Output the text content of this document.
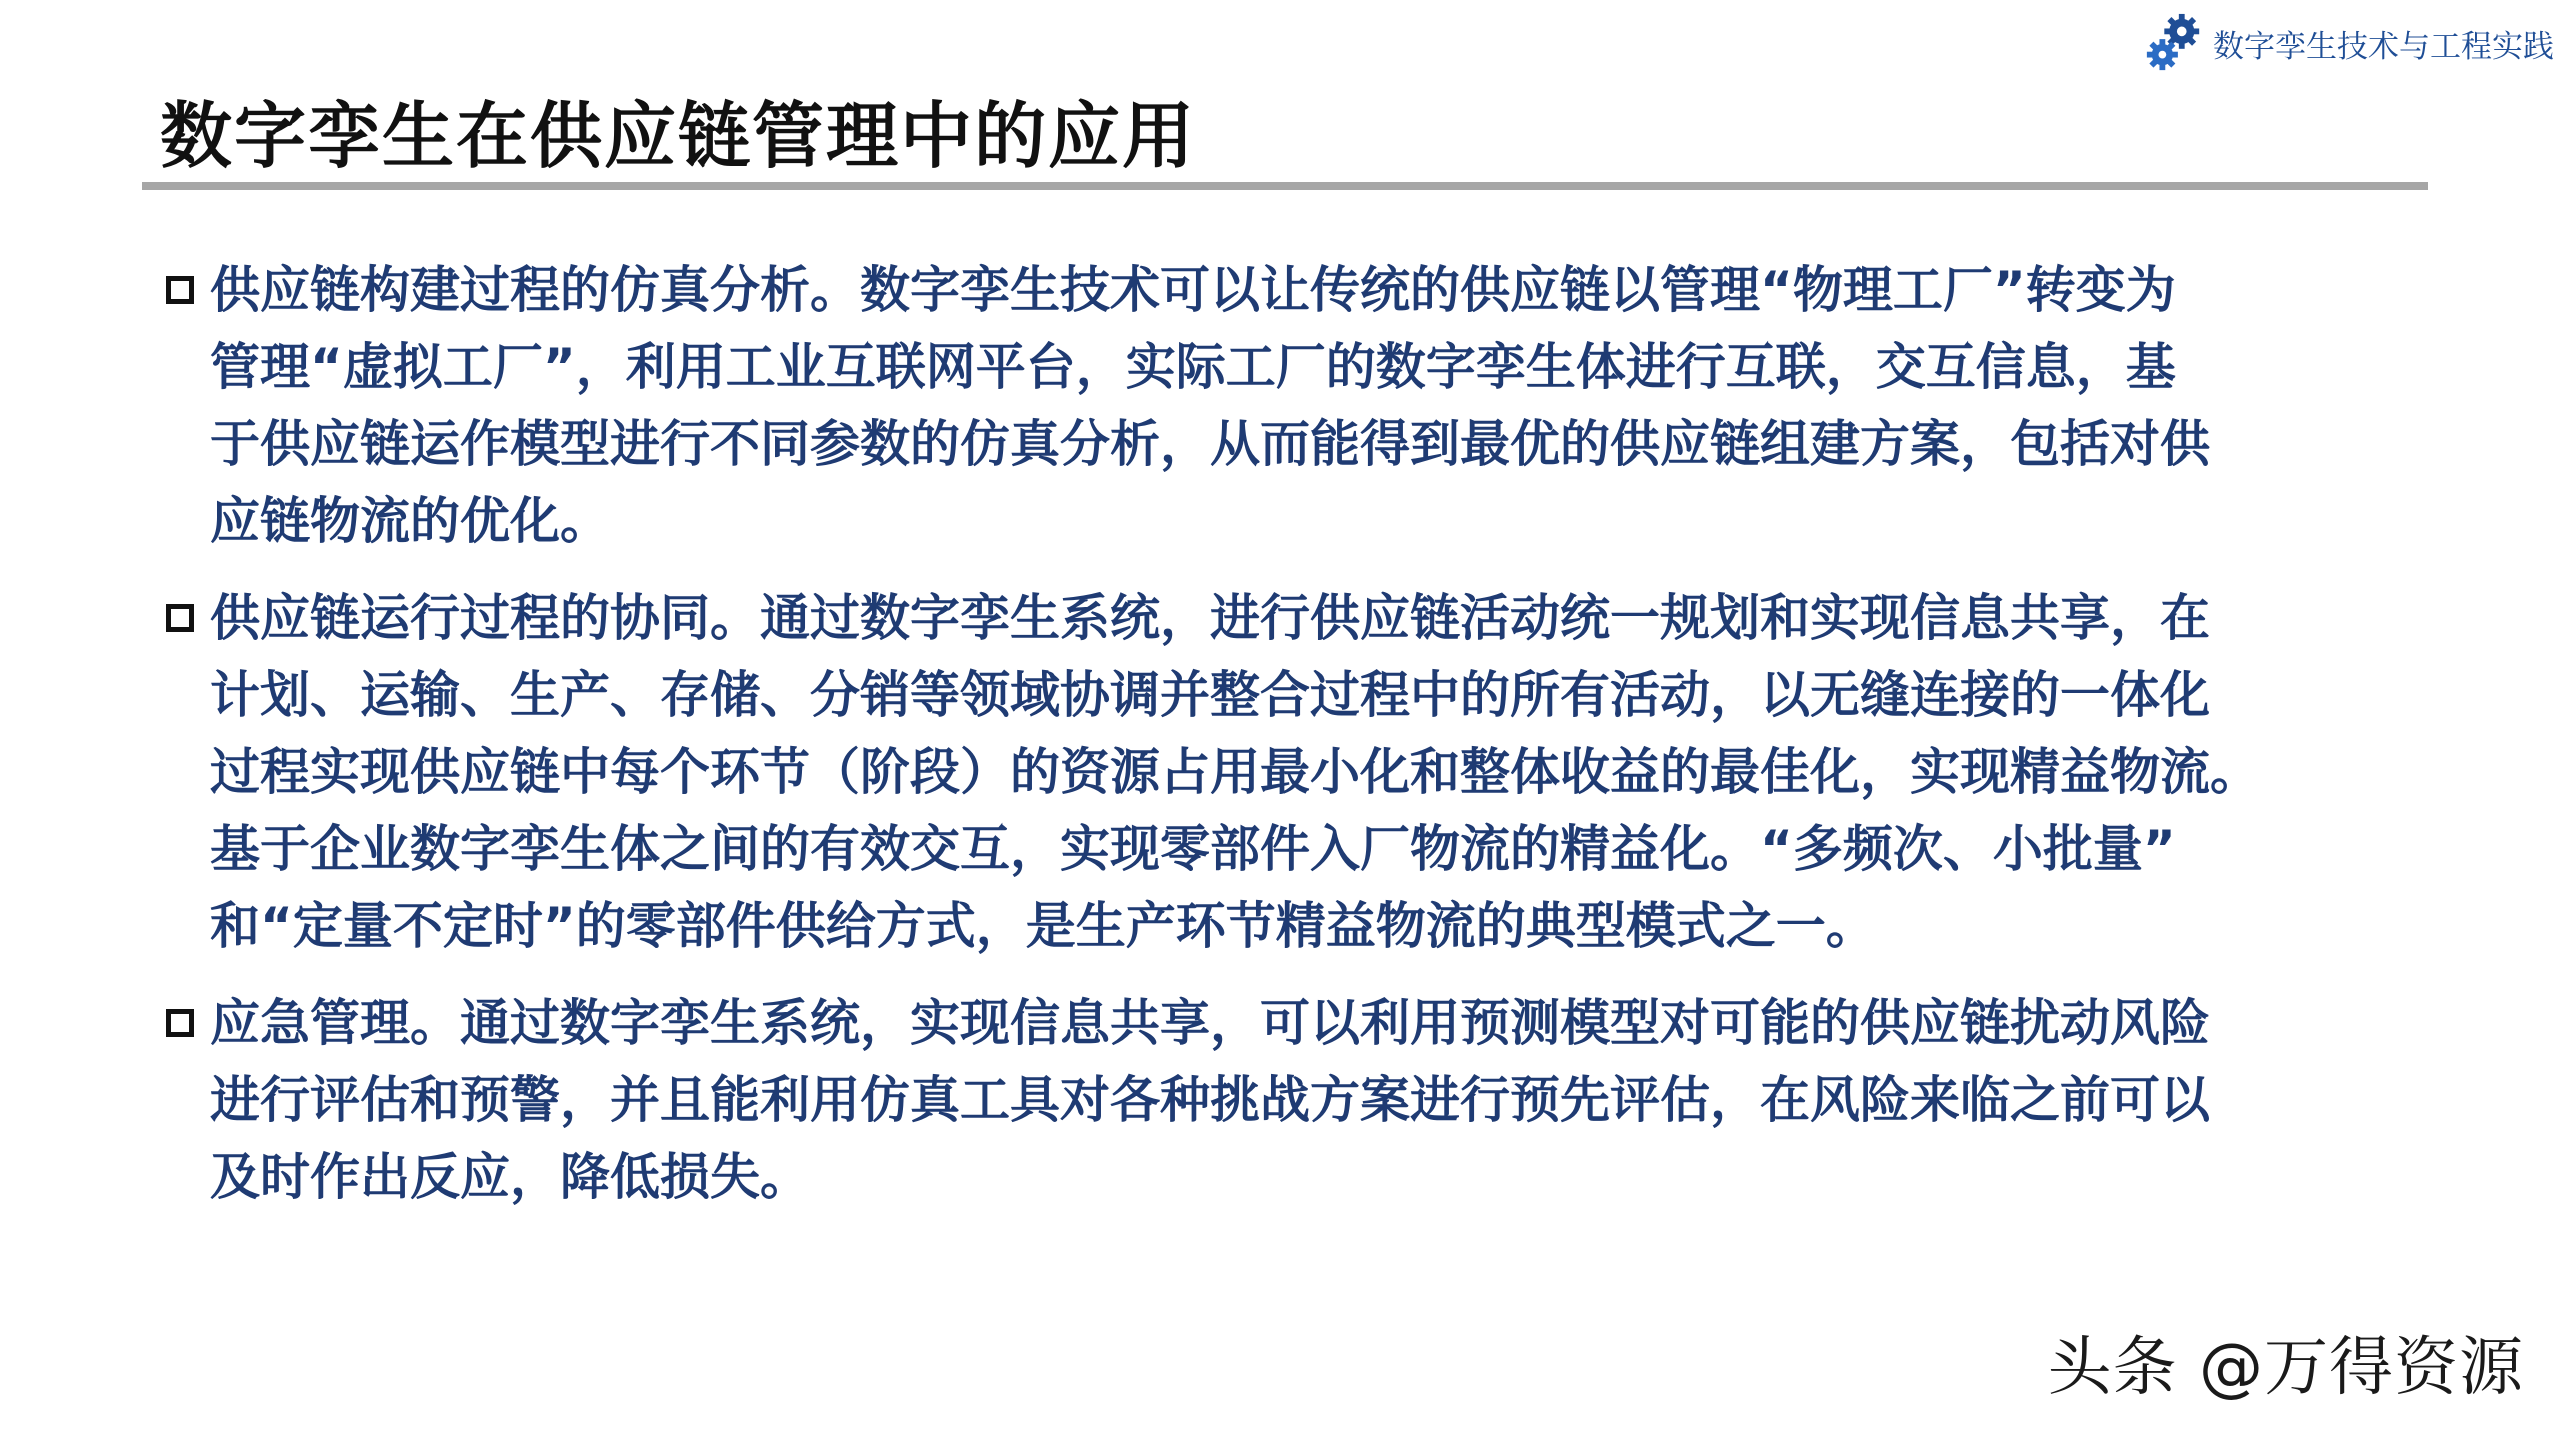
数字孪生技术与工程实践
数字孪生在供应链管理中的应用
供应链构建过程的仿真分析。数字孪生技术可以让传统的供应链以管理“物理工厂”转变为
管理“虚拟工厂”，利用工业互联网平台，实际工厂的数字孪生体进行互联，交互信息，基
于供应链运作模型进行不同参数的仿真分析，从而能得到最优的供应链组建方案，包括对供
应链物流的优化。
供应链运行过程的协同。通过数字孪生系统，进行供应链活动统一规划和实现信息共享，在
计划、运输、生产、存储、分销等领域协调并整合过程中的所有活动，以无缝连接的一体化
过程实现供应链中每个环节（阶段）的资源占用最小化和整体收益的最佳化，实现精益物流。
基于企业数字孪生体之间的有效交互，实现零部件入厂物流的精益化。“多频次、小批量”
和“定量不定时”的零部件供给方式，是生产环节精益物流的典型模式之一。
应急管理。通过数字孪生系统，实现信息共享，可以利用预测模型对可能的供应链扰动风险
进行评估和预警，并且能利用仿真工具对各种挑战方案进行预先评估，在风险来临之前可以
及时作出反应，降低损失。
头条 @万得资源
